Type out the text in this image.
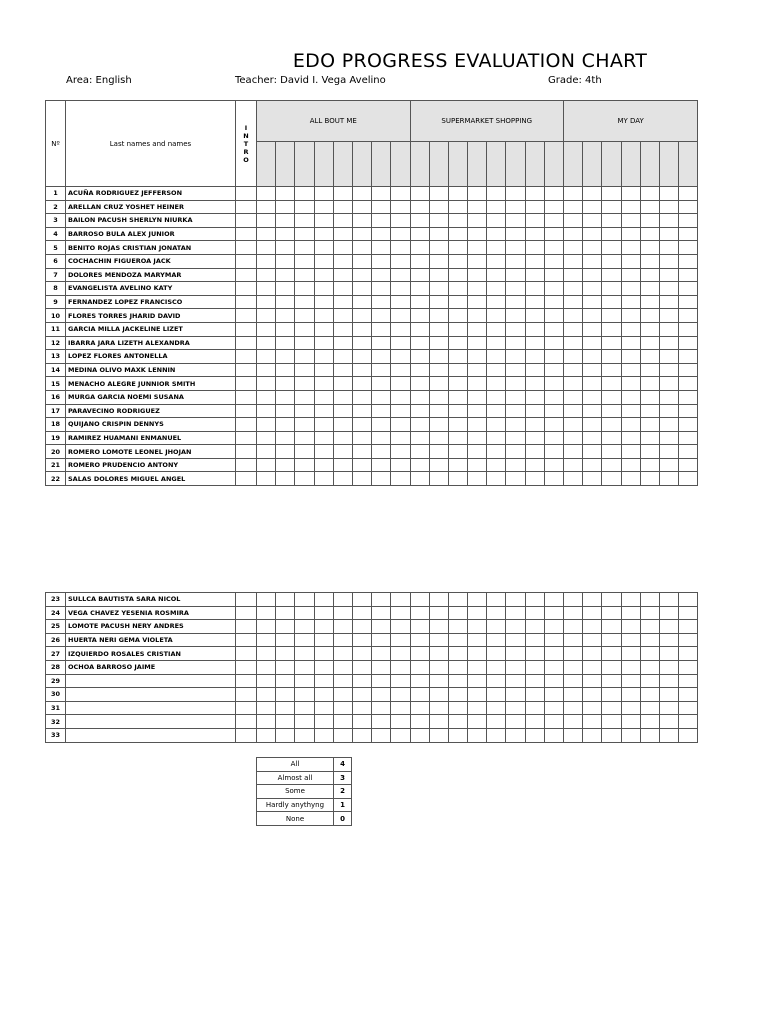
EDO PROGRESS EVALUATION CHART
Area: English	Teacher: David I. Vega Avelino	Grade: 4th
Nº	Last names and names	I
N
T
R
O	ALL BOUT ME								SUPERMARKET SHOPPING								MY DAY						

1	ACUÑA RODRIGUEZ JEFFERSON																								
2	ARELLAN CRUZ YOSHET HEINER																								
3	BAILON PACUSH SHERLYN NIURKA																								
4	BARROSO BULA ALEX JUNIOR																								
5	BENITO ROJAS CRISTIAN JONATAN																								
6	COCHACHIN FIGUEROA JACK																								
7	DOLORES MENDOZA MARYMAR																								
8	EVANGELISTA AVELINO KATY																								
9	FERNANDEZ LOPEZ FRANCISCO																								
10	FLORES TORRES JHARID DAVID																								
11	GARCIA MILLA JACKELINE LIZET																								
12	IBARRA JARA LIZETH ALEXANDRA																								
13	LOPEZ FLORES ANTONELLA																								
14	MEDINA OLIVO MAXK LENNIN																								
15	MENACHO ALEGRE JUNNIOR SMITH																								
16	MURGA GARCIA NOEMI SUSANA																								
17	PARAVECINO RODRIGUEZ																								
18	QUIJANO CRISPIN DENNYS																								
19	RAMIREZ HUAMANI ENMANUEL																								
20	ROMERO LOMOTE LEONEL JHOJAN																								
21	ROMERO PRUDENCIO ANTONY																								
22	SALAS DOLORES MIGUEL ANGEL																								
23	SULLCA BAUTISTA SARA NICOL																								
24	VEGA CHAVEZ YESENIA ROSMIRA																								
25	LOMOTE PACUSH NERY ANDRES																								
26	HUERTA NERI GEMA VIOLETA																								
27	IZQUIERDO ROSALES CRISTIAN																								
28	OCHOA BARROSO JAIME																								
29																									
30																									
31																									
32																									
33																									
All	4
Almost all	3
Some	2
Hardly anythyng	1
None	0
